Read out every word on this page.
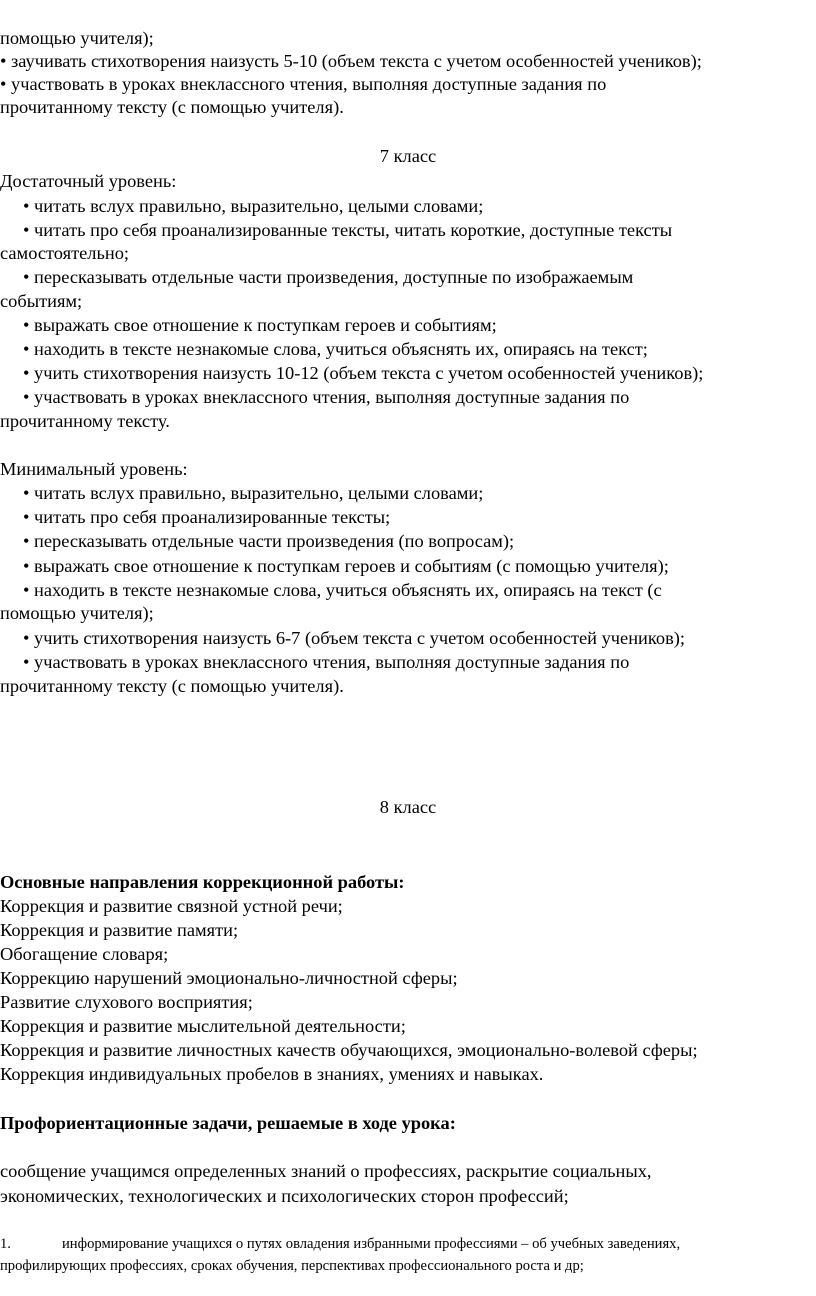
помощью учителя);
• заучивать стихотворения наизусть 5-10 (объем текста с учетом особенностей учеников);
• участвовать в уроках внеклассного чтения, выполняя доступные задания по
прочитанному тексту (с помощью учителя).
7 класс
Достаточный уровень:
• читать вслух правильно, выразительно, целыми словами;
• читать про себя проанализированные тексты, читать короткие, доступные тексты
самостоятельно;
• пересказывать отдельные части произведения, доступные по изображаемым
событиям;
• выражать свое отношение к поступкам героев и событиям;
• находить в тексте незнакомые слова, учиться объяснять их, опираясь на текст;
• учить стихотворения наизусть 10-12 (объем текста с учетом особенностей учеников);
• участвовать в уроках внеклассного чтения, выполняя доступные задания по
прочитанному тексту.
Минимальный уровень:
• читать вслух правильно, выразительно, целыми словами;
• читать про себя проанализированные тексты;
• пересказывать отдельные части произведения (по вопросам);
• выражать свое отношение к поступкам героев и событиям (с помощью учителя);
• находить в тексте незнакомые слова, учиться объяснять их, опираясь на текст (с
помощью учителя);
• учить стихотворения наизусть 6-7 (объем текста с учетом особенностей учеников);
• участвовать в уроках внеклассного чтения, выполняя доступные задания по
прочитанному тексту (с помощью учителя).
8 класс
Основные направления коррекционной работы:
Коррекция и развитие связной устной речи;
Коррекция и развитие памяти;
Обогащение словаря;
Коррекцию нарушений эмоционально-личностной сферы;
Развитие слухового восприятия;
Коррекция и развитие мыслительной деятельности;
Коррекция и развитие личностных качеств обучающихся, эмоционально-волевой сферы;
Коррекция индивидуальных пробелов в знаниях, умениях и навыках.
Профориентационные задачи, решаемые в ходе урока:
сообщение учащимся определенных знаний о профессиях, раскрытие социальных,
экономических, технологических и психологических сторон профессий;
1.	информирование учащихся о путях овладения избранными профессиями – об учебных заведениях,
профилирующих профессиях, сроках обучения, перспективах профессионального роста и др;
